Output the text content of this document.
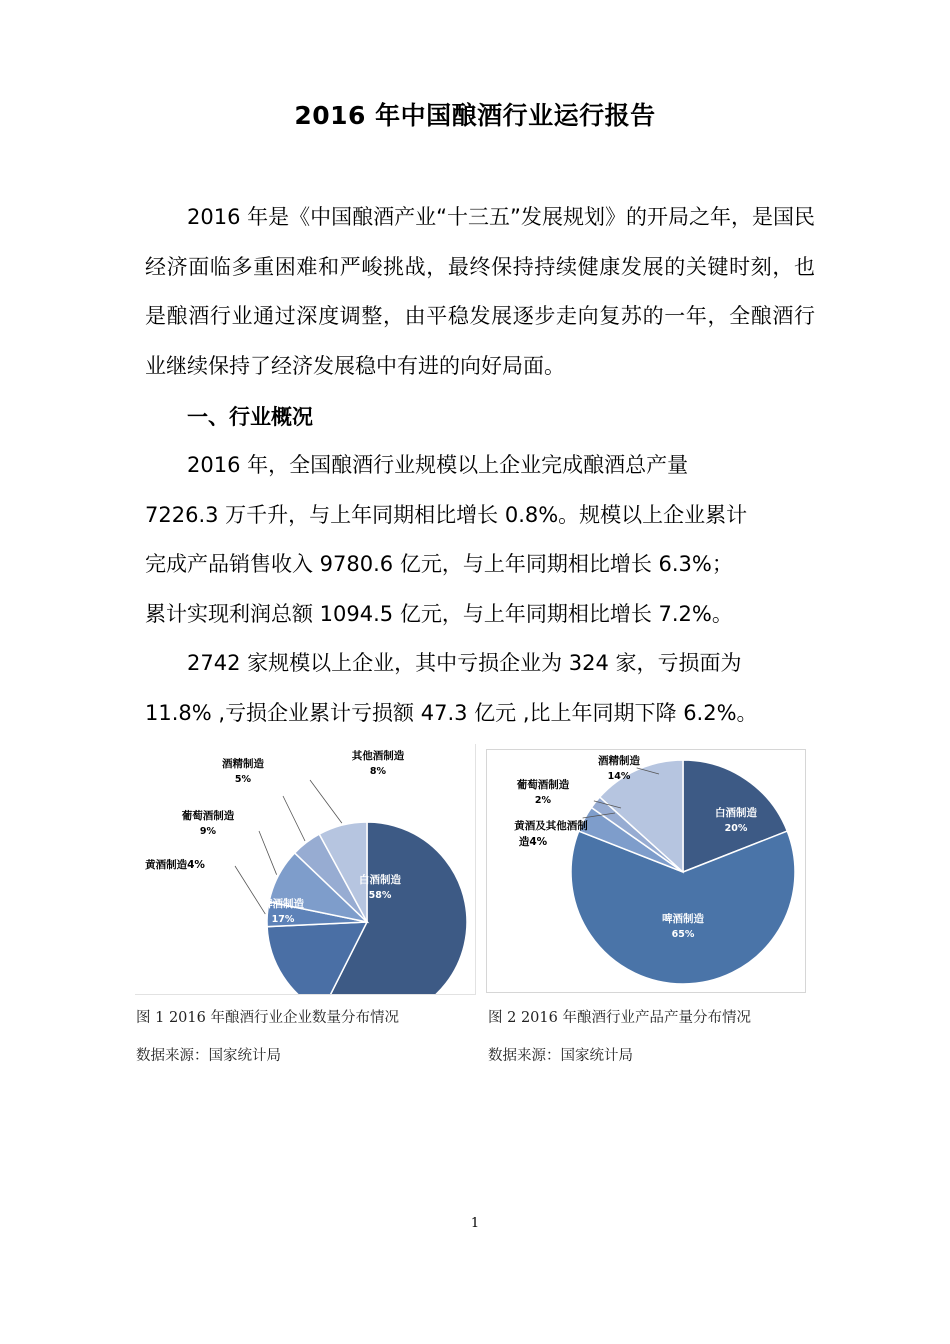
2016 年中国酿酒行业运行报告

2016 年是《中国酿酒产业“十三五”发展规划》的开局之年，是国民经济面临多重困难和严峻挑战，最终保持持续健康发展的关键时刻，也是酿酒行业通过深度调整，由平稳发展逐步走向复苏的一年，全酿酒行业继续保持了经济发展稳中有进的向好局面。

一、行业概况

2016 年，全国酿酒行业规模以上企业完成酿酒总产量

7226.3 万千升，与上年同期相比增长 0.8%。规模以上企业累计

完成产品销售收入 9780.6 亿元，与上年同期相比增长 6.3%；

累计实现利润总额 1094.5 亿元，与上年同期相比增长 7.2%。

2742 家规模以上企业，其中亏损企业为 324 家，亏损面为

11.8% ,亏损企业累计亏损额 47.3 亿元 ,比上年同期下降 6.2%。

白酒制造
58%
啤酒制造
17%
黄酒制造4%
葡萄酒制造
9%
酒精制造
5%
其他酒制造
8%
图 1 2016 年酿酒行业企业数量分布情况
数据来源：国家统计局
白酒制造
20%
啤酒制造
65%
黄酒及其他酒制
造4%
葡萄酒制造
2%
酒精制造
14%
图 2 2016 年酿酒行业产品产量分布情况
数据来源：国家统计局
1
